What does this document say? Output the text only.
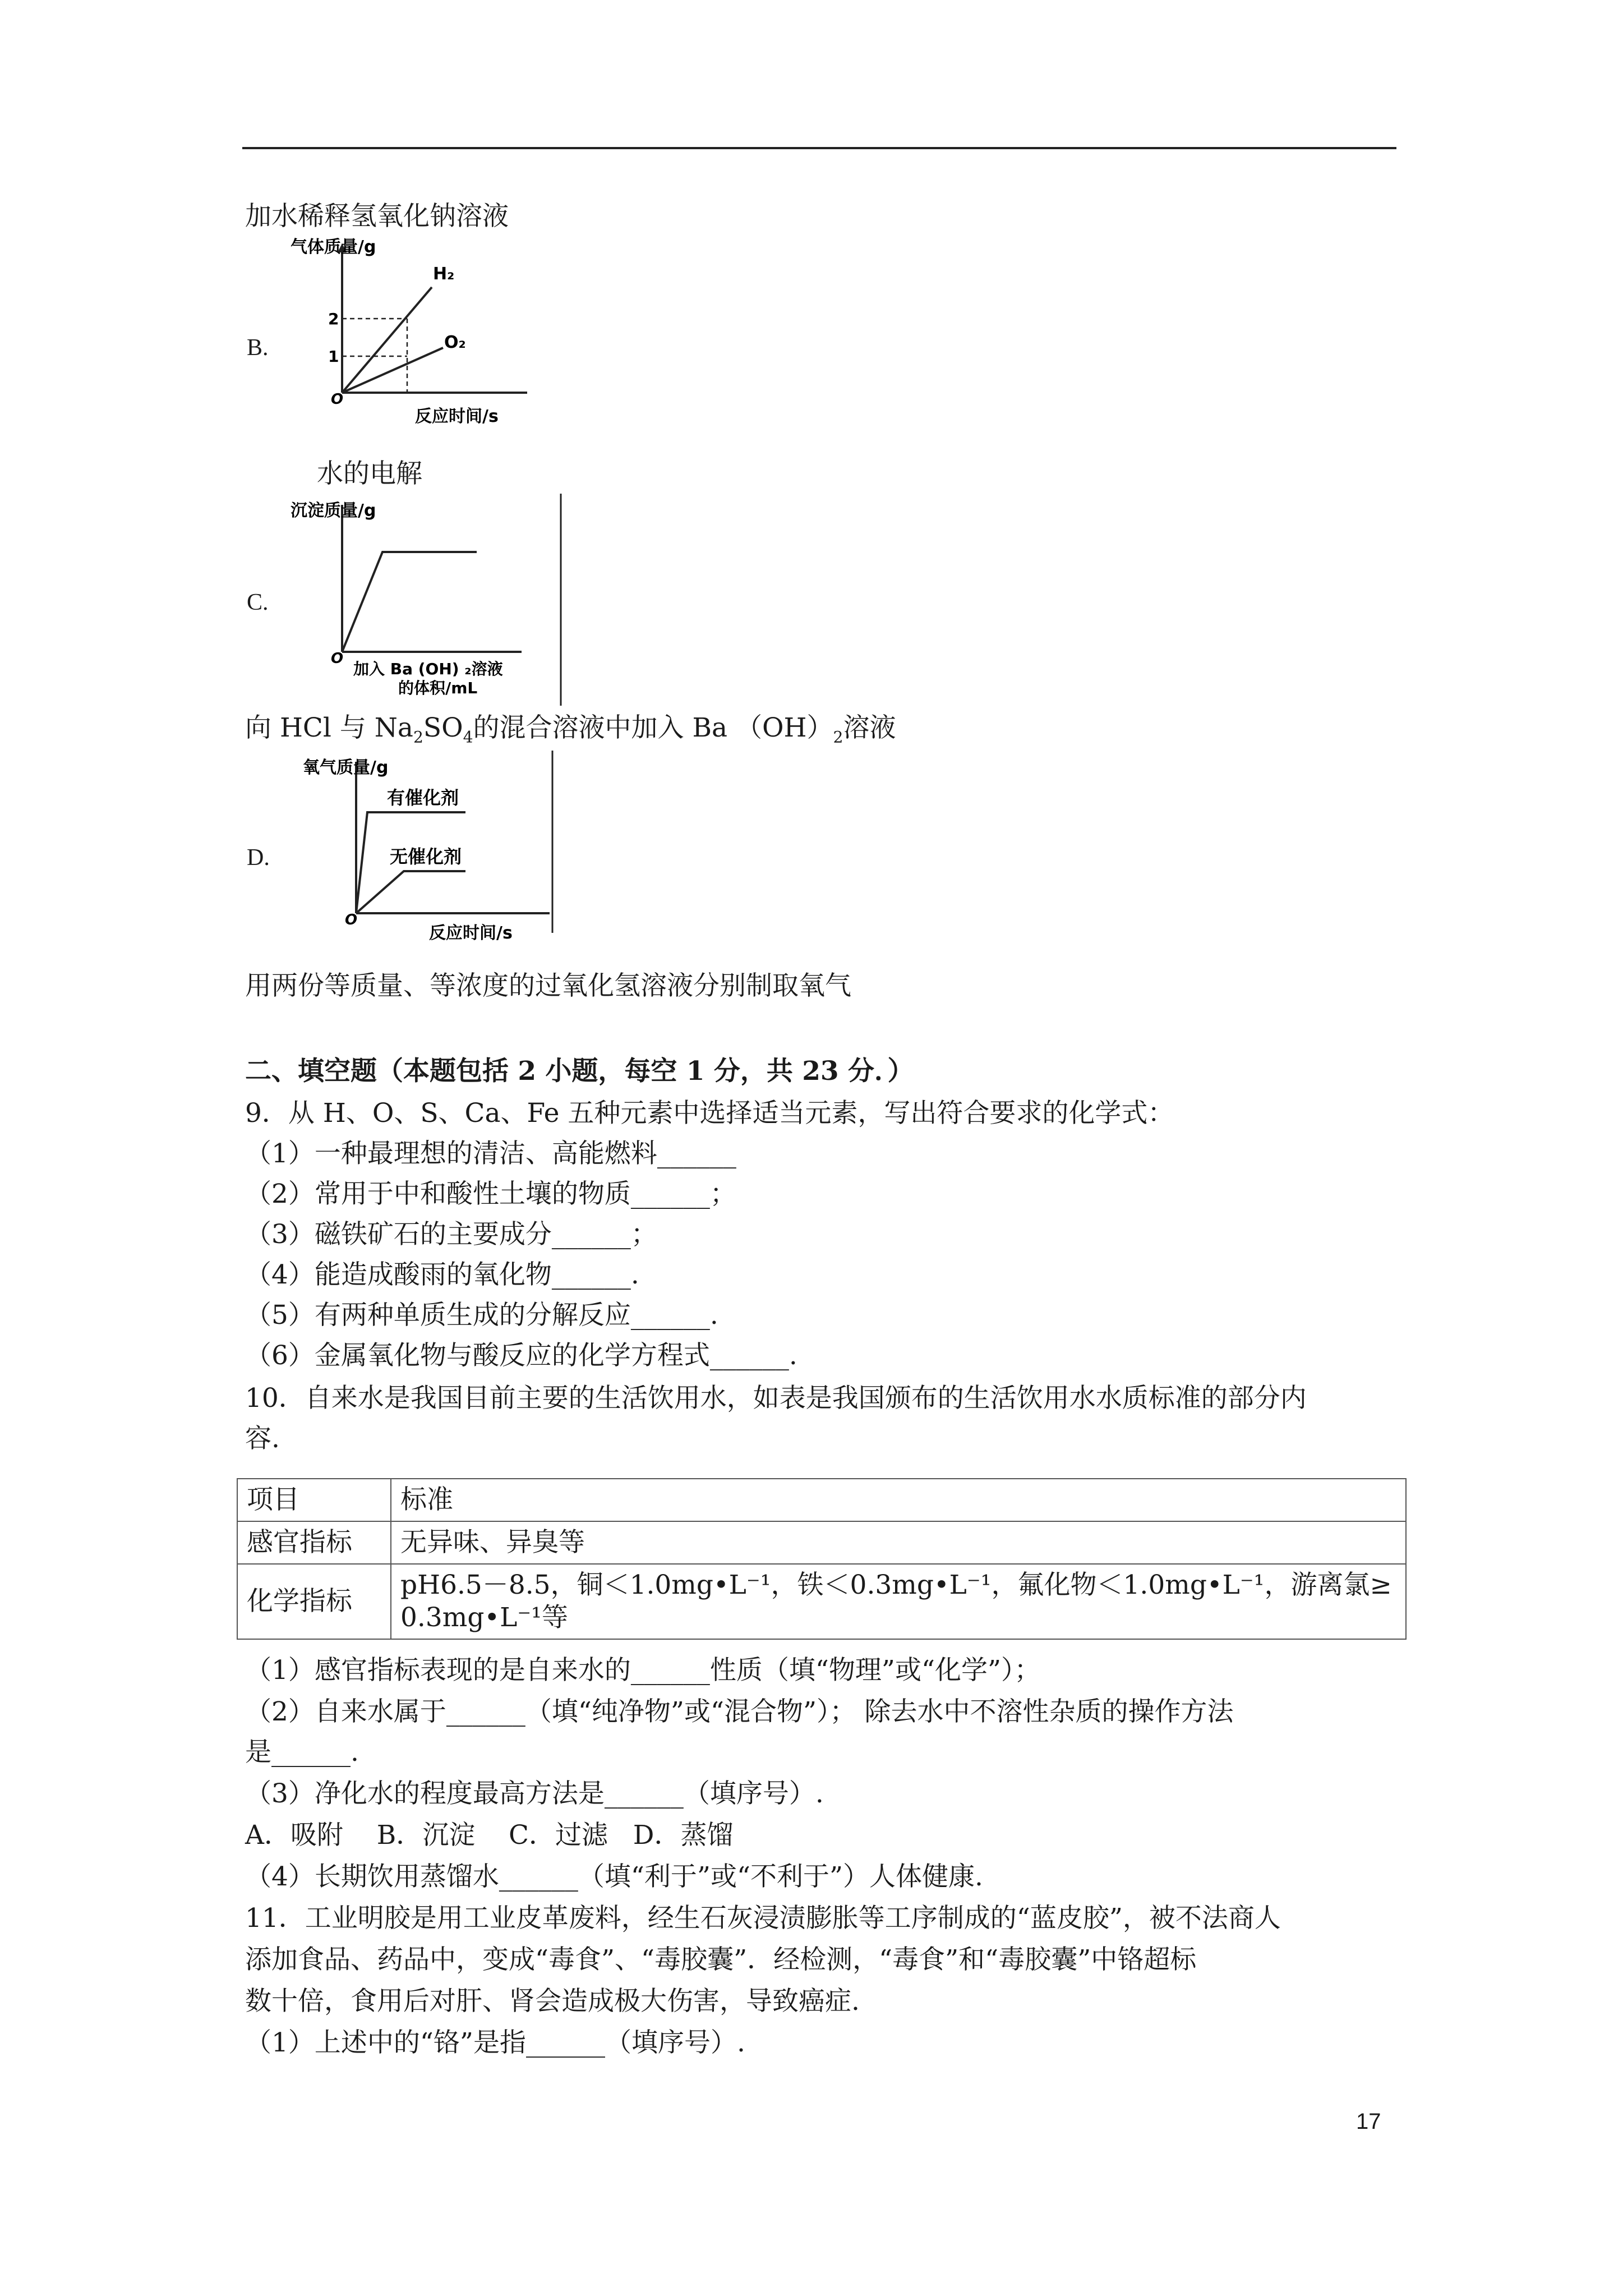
加水稀释氢氧化钠溶液
B.
气体质量/g
2
1
O
H₂
O₂
反应时间/s
水的电解
C.
沉淀质量/g
O
加入 Ba (OH) ₂溶液
的体积/mL
向 HCl 与 $Na_2SO_4$的混合溶液中加入 Ba $(OH)_2$溶液
D.
氧气质量/g
有催化剂
无催化剂
O
反应时间/s
用两份等质量、等浓度的过氧化氢溶液分别制取氧气
二、填空题（本题包括 2 小题，每空 1 分，共 23 分．）
9．从 H、O、S、Ca、Fe 五种元素中选择适当元素，写出符合要求的化学式：
（1）一种最理想的清洁、高能燃料______
（2）常用于中和酸性土壤的物质______；
（3）磁铁矿石的主要成分______；
（4）能造成酸雨的氧化物______.
（5）有两种单质生成的分解反应______.
（6）金属氧化物与酸反应的化学方程式______.
10．自来水是我国目前主要的生活饮用水，如表是我国颁布的生活饮用水水质标准的部分内
容.
项目	标准
感官指标	无异味、异臭等
化学指标	pH6.5－8.5，铜＜1.0mg•L⁻¹，铁＜0.3mg•L⁻¹，氟化物＜1.0mg•L⁻¹，游离氯≥
0.3mg•L⁻¹等
（1）感官指标表现的是自来水的______性质（填“物理”或“化学”）；
（2）自来水属于______（填“纯净物”或“混合物”）； 除去水中不溶性杂质的操作方法
是______.
（3）净化水的程度最高方法是______（填序号）.
A．吸附    B．沉淀    C．过滤   D．蒸馏
（4）长期饮用蒸馏水______（填“利于”或“不利于”）人体健康.
11．工业明胶是用工业皮革废料，经生石灰浸渍膨胀等工序制成的“蓝皮胶”，被不法商人
添加食品、药品中，变成“毒食”、“毒胶囊”．经检测，“毒食”和“毒胶囊”中铬超标
数十倍，食用后对肝、肾会造成极大伤害，导致癌症.
（1）上述中的“铬”是指______（填序号）.
17
